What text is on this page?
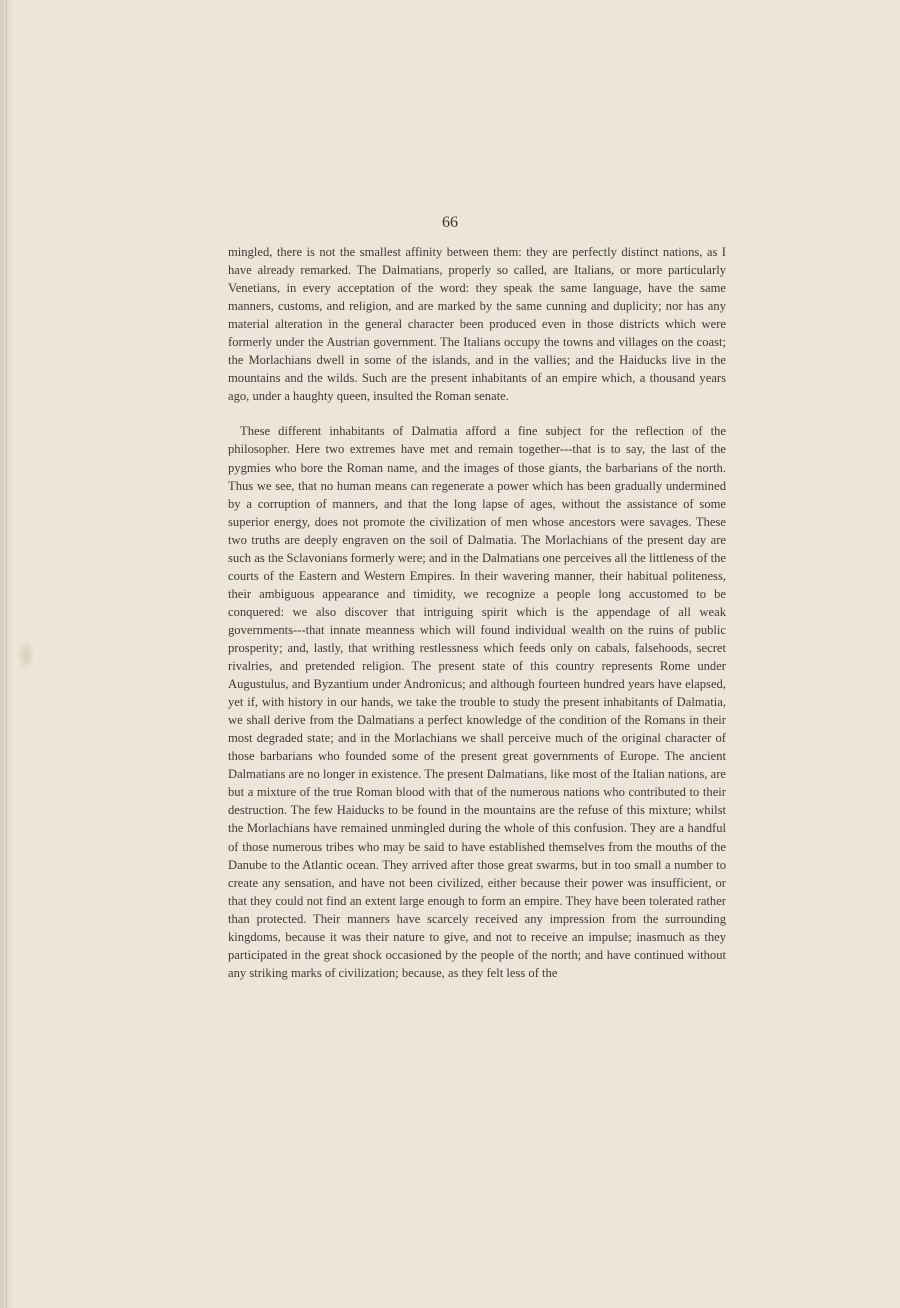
66

mingled, there is not the smallest affinity between them: they are perfectly distinct nations, as I have already remarked. The Dalmatians, properly so called, are Italians, or more particularly Venetians, in every acceptation of the word: they speak the same language, have the same manners, customs, and religion, and are marked by the same cunning and duplicity; nor has any material alteration in the general character been produced even in those districts which were formerly under the Austrian government. The Italians occupy the towns and villages on the coast; the Morlachians dwell in some of the islands, and in the vallies; and the Haiducks live in the mountains and the wilds. Such are the present inhabitants of an empire which, a thousand years ago, under a haughty queen, insulted the Roman senate.

These different inhabitants of Dalmatia afford a fine subject for the reflection of the philosopher. Here two extremes have met and remain together---that is to say, the last of the pygmies who bore the Roman name, and the images of those giants, the barbarians of the north. Thus we see, that no human means can regenerate a power which has been gradually undermined by a corruption of manners, and that the long lapse of ages, without the assistance of some superior energy, does not promote the civilization of men whose ancestors were savages. These two truths are deeply engraven on the soil of Dalmatia. The Morlachians of the present day are such as the Sclavonians formerly were; and in the Dalmatians one perceives all the littleness of the courts of the Eastern and Western Empires. In their wavering manner, their habitual politeness, their ambiguous appearance and timidity, we recognize a people long accustomed to be conquered: we also discover that intriguing spirit which is the appendage of all weak governments---that innate meanness which will found individual wealth on the ruins of public prosperity; and, lastly, that writhing restlessness which feeds only on cabals, falsehoods, secret rivalries, and pretended religion. The present state of this country represents Rome under Augustulus, and Byzantium under Andronicus; and although fourteen hundred years have elapsed, yet if, with history in our hands, we take the trouble to study the present inhabitants of Dalmatia, we shall derive from the Dalmatians a perfect knowledge of the condition of the Romans in their most degraded state; and in the Morlachians we shall perceive much of the original character of those barbarians who founded some of the present great governments of Europe. The ancient Dalmatians are no longer in existence. The present Dalmatians, like most of the Italian nations, are but a mixture of the true Roman blood with that of the numerous nations who contributed to their destruction. The few Haiducks to be found in the mountains are the refuse of this mixture; whilst the Morlachians have remained unmingled during the whole of this confusion. They are a handful of those numerous tribes who may be said to have established themselves from the mouths of the Danube to the Atlantic ocean. They arrived after those great swarms, but in too small a number to create any sensation, and have not been civilized, either because their power was insufficient, or that they could not find an extent large enough to form an empire. They have been tolerated rather than protected. Their manners have scarcely received any impression from the surrounding kingdoms, because it was their nature to give, and not to receive an impulse; inasmuch as they participated in the great shock occasioned by the people of the north; and have continued without any striking marks of civilization; because, as they felt less of the
